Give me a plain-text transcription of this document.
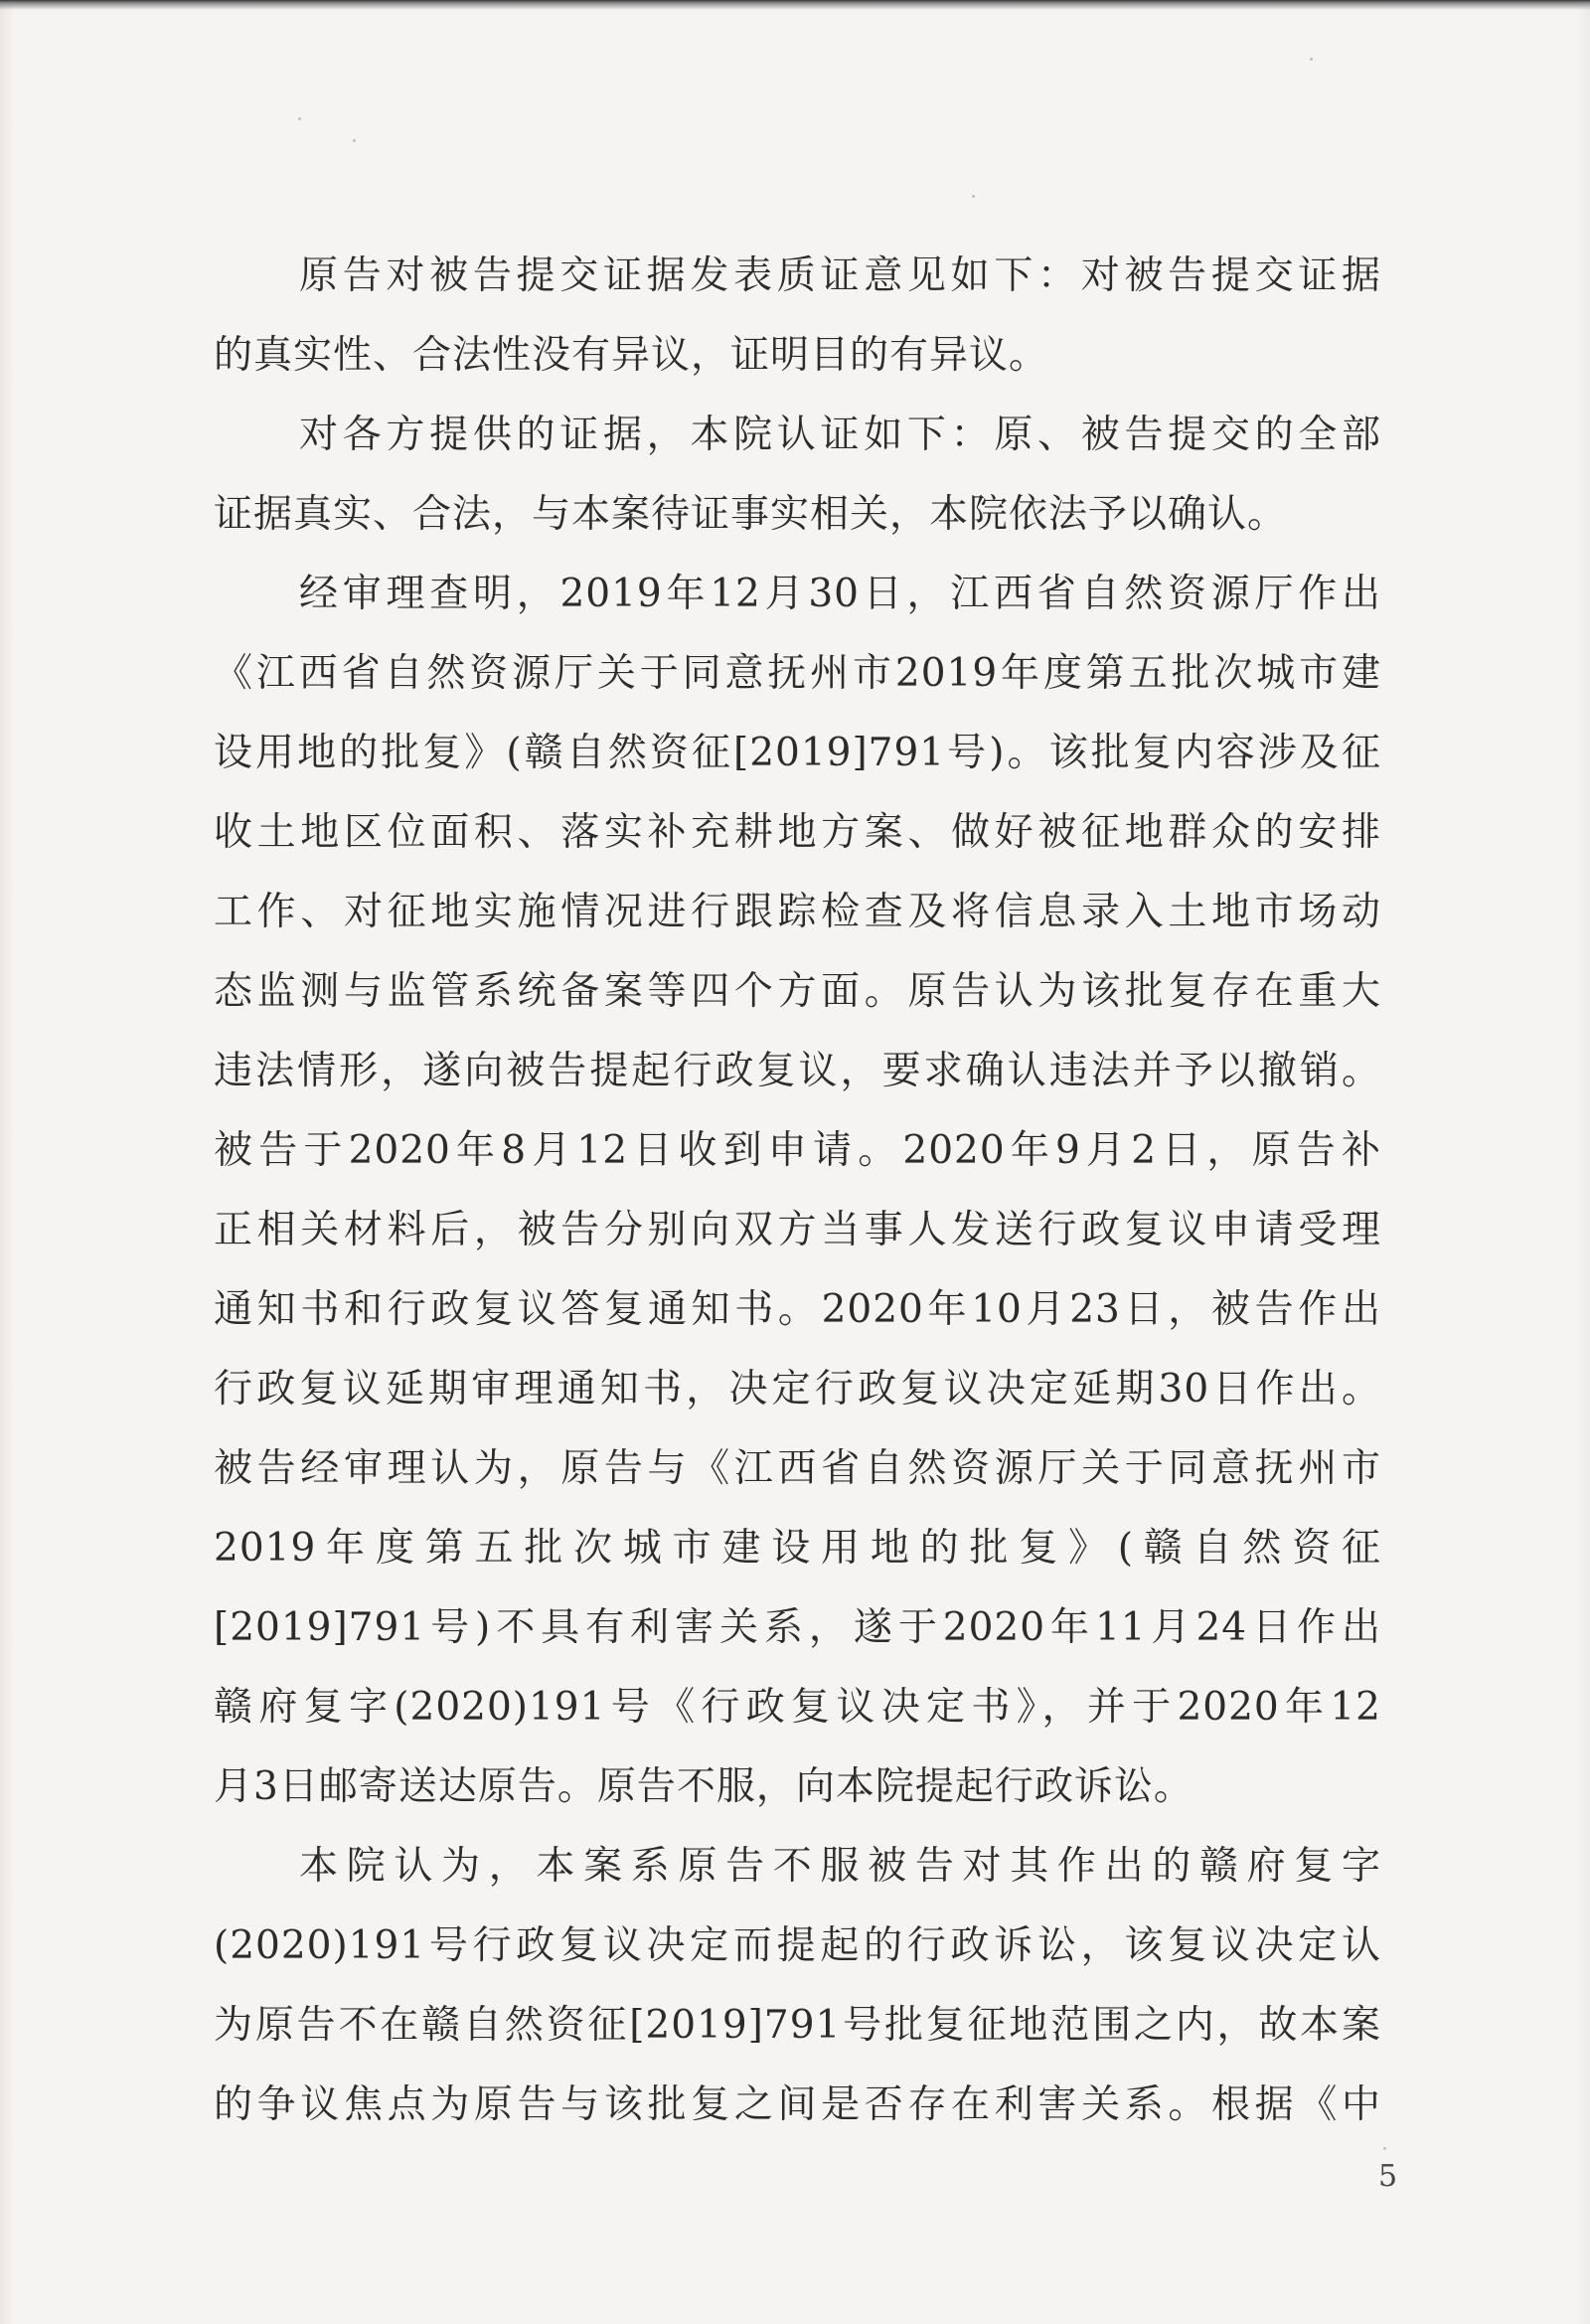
原告对被告提交证据发表质证意见如下：对被告提交证据
的真实性、合法性没有异议，证明目的有异议。
对各方提供的证据，本院认证如下：原、被告提交的全部
证据真实、合法，与本案待证事实相关，本院依法予以确认。
经审理查明，2019年12月30日，江西省自然资源厅作出
《江西省自然资源厅关于同意抚州市2019年度第五批次城市建
设用地的批复》(赣自然资征[2019]791号)。该批复内容涉及征
收土地区位面积、落实补充耕地方案、做好被征地群众的安排
工作、对征地实施情况进行跟踪检查及将信息录入土地市场动
态监测与监管系统备案等四个方面。原告认为该批复存在重大
违法情形，遂向被告提起行政复议，要求确认违法并予以撤销。
被告于2020年8月12日收到申请。2020年9月2日，原告补
正相关材料后，被告分别向双方当事人发送行政复议申请受理
通知书和行政复议答复通知书。2020年10月23日，被告作出
行政复议延期审理通知书，决定行政复议决定延期30日作出。
被告经审理认为，原告与《江西省自然资源厅关于同意抚州市
2019年度第五批次城市建设用地的批复》(赣自然资征
[2019]791号)不具有利害关系，遂于2020年11月24日作出
赣府复字(2020)191号《行政复议决定书》，并于2020年12
月3日邮寄送达原告。原告不服，向本院提起行政诉讼。
本院认为，本案系原告不服被告对其作出的赣府复字
(2020)191号行政复议决定而提起的行政诉讼，该复议决定认
为原告不在赣自然资征[2019]791号批复征地范围之内，故本案
的争议焦点为原告与该批复之间是否存在利害关系。根据《中
5
